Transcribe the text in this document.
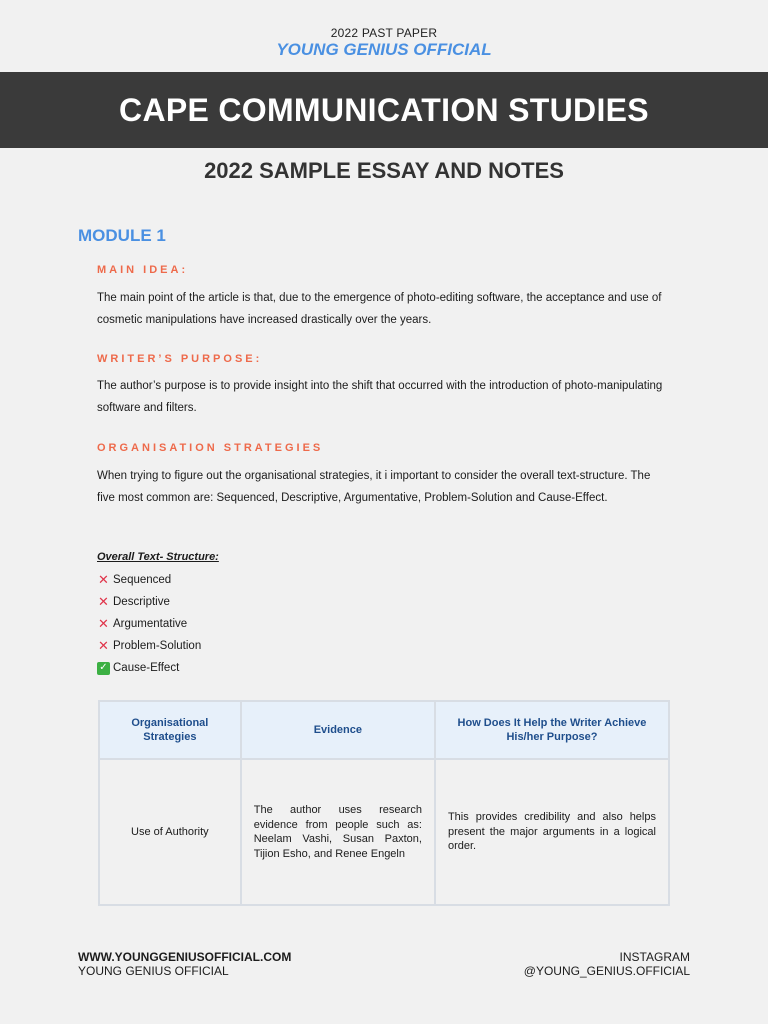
2022 PAST PAPER
YOUNG GENIUS OFFICIAL
CAPE COMMUNICATION STUDIES
2022 SAMPLE ESSAY AND NOTES
MODULE 1
MAIN IDEA:
The main point of the article is that, due to the emergence of photo-editing software, the acceptance and use of cosmetic manipulations have increased drastically over the years.
WRITER’S PURPOSE:
The author’s purpose is to provide insight into the shift that occurred with the introduction of photo-manipulating software and filters.
ORGANISATION STRATEGIES
When trying to figure out the organisational strategies, it i important to consider the overall text-structure. The five most common are: Sequenced, Descriptive, Argumentative, Problem-Solution and Cause-Effect.
Overall Text- Structure:
✕ Sequenced
✕ Descriptive
✕ Argumentative
✕ Problem-Solution
✓ Cause-Effect
Organisational Strategies	Evidence	How Does It Help the Writer Achieve His/her Purpose?
Use of Authority	The author uses research evidence from people such as: Neelam Vashi, Susan Paxton, Tijion Esho, and Renee Engeln	This provides credibility and also helps present the major arguments in a logical order.
WWW.YOUNGGENIUSOFFICIAL.COM
YOUNG GENIUS OFFICIAL
INSTAGRAM
@YOUNG_GENIUS.OFFICIAL
